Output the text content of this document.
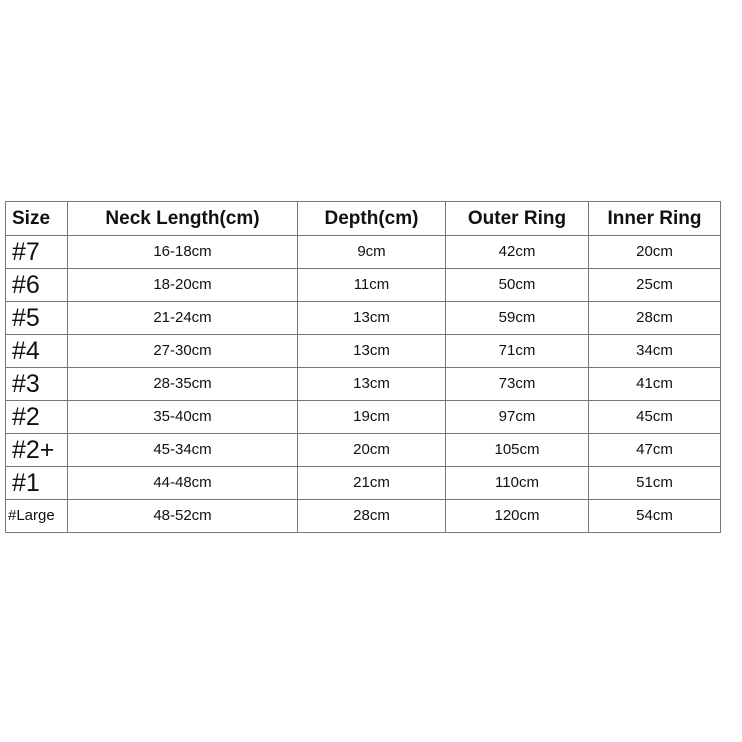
Size	Neck Length(cm)	Depth(cm)	Outer Ring	Inner Ring
#7	16-18cm	9cm	42cm	20cm
#6	18-20cm	11cm	50cm	25cm
#5	21-24cm	13cm	59cm	28cm
#4	27-30cm	13cm	71cm	34cm
#3	28-35cm	13cm	73cm	41cm
#2	35-40cm	19cm	97cm	45cm
#2+	45-34cm	20cm	105cm	47cm
#1	44-48cm	21cm	110cm	51cm
#Large	48-52cm	28cm	120cm	54cm
